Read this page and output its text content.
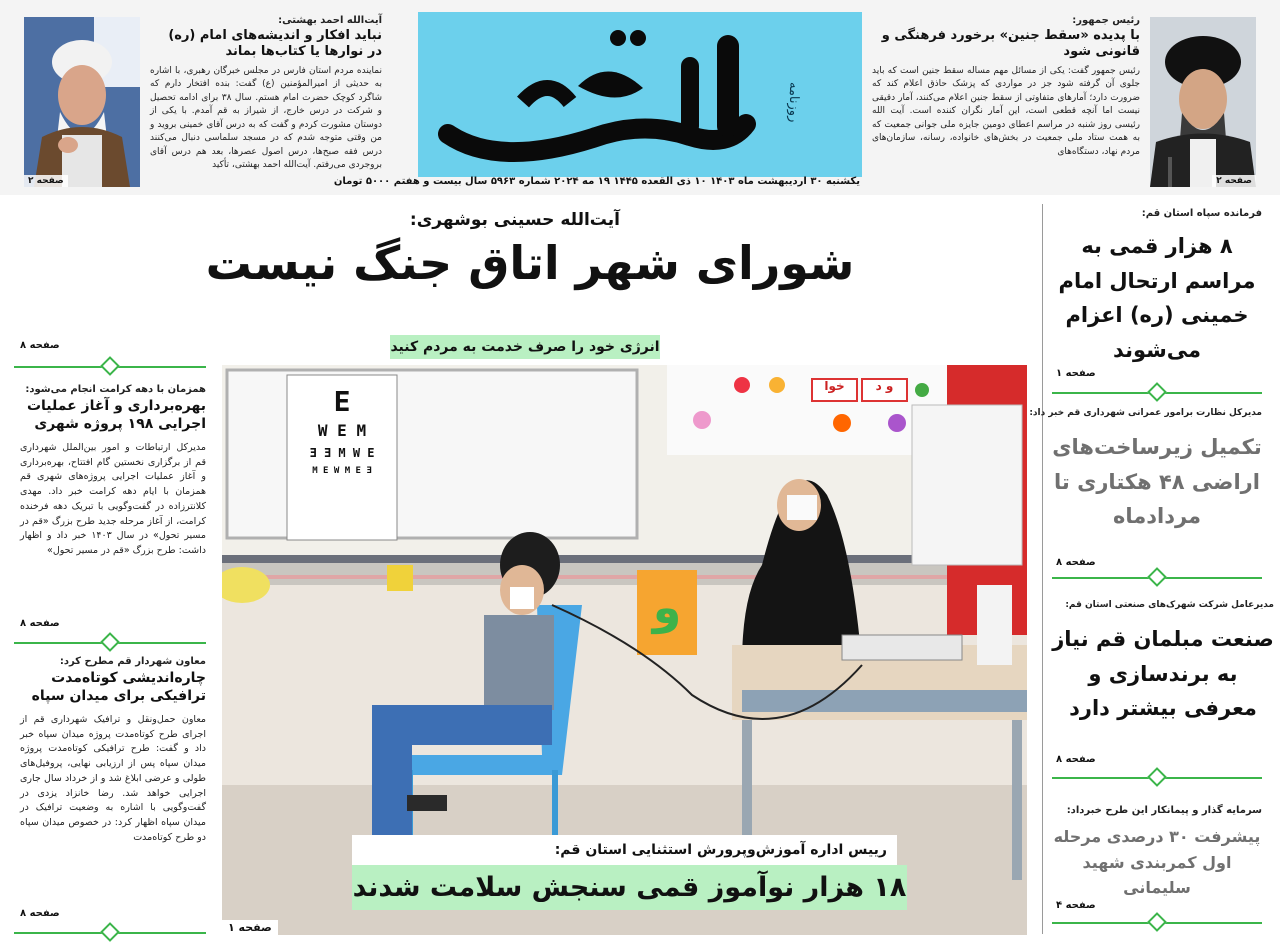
صفحه ۲
آیت‌الله احمد بهشتی:
نباید افکار و اندیشه‌های امام (ره) در نوارها یا کتاب‌ها بماند
نماینده مردم استان فارس در مجلس خبرگان رهبری، با اشاره به حدیثی از امیرالمؤمنین (ع) گفت: بنده افتخار دارم که شاگرد کوچک حضرت امام هستم. سال ۳۸ برای ادامه تحصیل و شرکت در درس خارج، از شیراز به قم آمدم. با یکی از دوستان مشورت کردم و گفت که به درس آقای خمینی بروید و من وقتی متوجه شدم که در مسجد سلماسی دنبال می‌کنند درس فقه صبح‌ها، درس اصول عصرها، بعد هم درس آقای بروجردی می‌رفتم. آیت‌الله احمد بهشتی، تأکید
روزنامه
یکشنبه ۳۰ اردیبهشت ماه ۱۴۰۳ ۱۰ ذی القعده ۱۴۴۵ ۱۹ مه ۲۰۲۴ شماره ۵۹۶۳ سال بیست و هفتم ۵۰۰۰ تومان
رئیس جمهور:
با پدیده «سقط جنین» برخورد فرهنگی و قانونی شود
رئیس جمهور گفت: یکی از مسائل مهم مساله سقط جنین است که باید جلوی آن گرفته شود جز در مواردی که پزشک حاذق اعلام کند که ضرورت دارد؛ آمارهای متفاوتی از سقط جنین اعلام می‌کنند، آمار دقیقی نیست اما آنچه قطعی است، این آمار نگران کننده است. آیت الله رئیسی روز شنبه در مراسم اعطای دومین جایزه ملی جوانی جمعیت که به همت ستاد ملی جمعیت در بخش‌های خانواده، رسانه، سازمان‌های مردم نهاد، دستگاه‌های
صفحه ۲
صفحه ۸
همزمان با دهه کرامت انجام می‌شود:
بهره‌برداری و آغاز عملیات اجرایی ۱۹۸ پروژه شهری
مدیرکل ارتباطات و امور بین‌الملل شهرداری قم از برگزاری نخستین گام افتتاح، بهره‌برداری و آغاز عملیات اجرایی پروژه‌های شهری قم همزمان با ایام دهه کرامت خبر داد. مهدی کلانترزاده در گفت‌وگویی با تبریک دهه فرخنده کرامت، از آغاز مرحله جدید طرح بزرگ «قم در مسیر تحول» در سال ۱۴۰۳ خبر داد و اظهار داشت: طرح بزرگ «قم در مسیر تحول»
صفحه ۸
معاون شهردار قم مطرح کرد:
چاره‌اندیشی کوتاه‌مدت ترافیکی برای میدان سپاه
معاون حمل‌ونقل و ترافیک شهرداری قم از اجرای طرح کوتاه‌مدت پروژه میدان سپاه خبر داد و گفت: طرح ترافیکی کوتاه‌مدت پروژه میدان سپاه پس از ارزیابی نهایی، پروفیل‌های طولی و عرضی ابلاغ شد و از خرداد سال جاری اجرایی خواهد شد. رضا خانزاد یزدی در گفت‌وگویی با اشاره به وضعیت ترافیک در میدان سپاه اظهار کرد: در خصوص میدان سپاه دو طرح کوتاه‌مدت
صفحه ۸
آیت‌الله حسینی بوشهری:
شورای شهر اتاق جنگ نیست
انرژی خود را صرف خدمت به مردم کنید
E
W E M
Ǝ Ǝ M W E
M E W M E Ǝ
خوا	و د
و
رییس اداره آموزش‌وپرورش استثنایی استان قم:
۱۸ هزار نوآموز قمی سنجش سلامت شدند
صفحه ۱
فرمانده سپاه استان قم:
۸ هزار قمی به مراسم ارتحال امام خمینی (ره) اعزام می‌شوند
صفحه ۱
مدیرکل نظارت برامور عمرانی شهرداری قم خبر داد:
تکمیل زیرساخت‌های اراضی ۴۸ هکتاری تا مردادماه
صفحه ۸
مدیرعامل شرکت شهرک‌های صنعتی استان قم:
صنعت مبلمان قم نیاز به برندسازی و معرفی بیشتر دارد
صفحه ۸
سرمایه گذار و پیمانکار این طرح خبرداد:
پیشرفت ۳۰ درصدی مرحله اول کمربندی شهید سلیمانی
صفحه ۴
